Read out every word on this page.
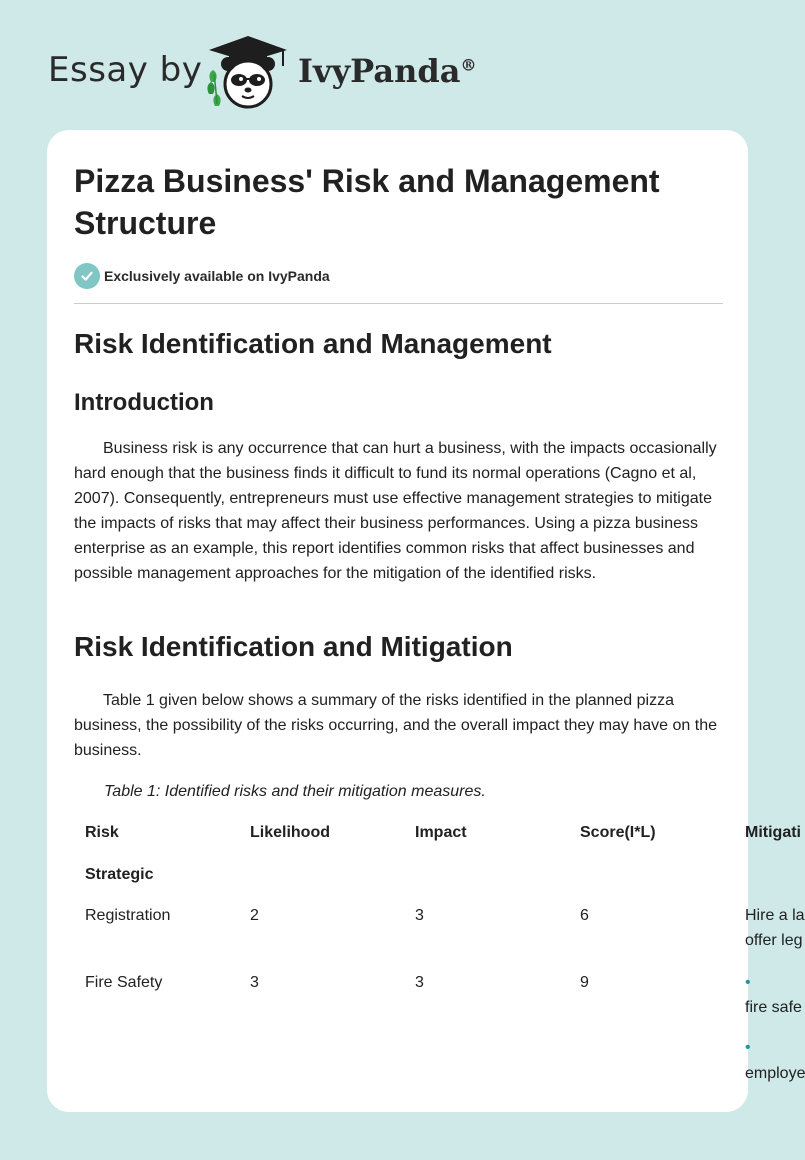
Essay by	IvyPanda®
Pizza Business' Risk and Management Structure
Exclusively available on IvyPanda
Risk Identification and Management
Introduction

Business risk is any occurrence that can hurt a business, with the impacts occasionally hard enough that the business finds it difficult to fund its normal operations (Cagno et al, 2007). Consequently, entrepreneurs must use effective management strategies to mitigate the impacts of risks that may affect their business performances. Using a pizza business enterprise as an example, this report identifies common risks that affect businesses and possible management approaches for the mitigation of the identified risks.

Risk Identification and Mitigation

Table 1 given below shows a summary of the risks identified in the planned pizza business, the possibility of the risks occurring, and the overall impact they may have on the business.

Table 1: Identified risks and their mitigation measures.

Risk	Likelihood	Impact	Score(I*L)	Mitigati
Strategic
Registration	2	3	6	Hire a la
offer leg
Fire Safety	3	3	9	•
fire safe
•
employe
